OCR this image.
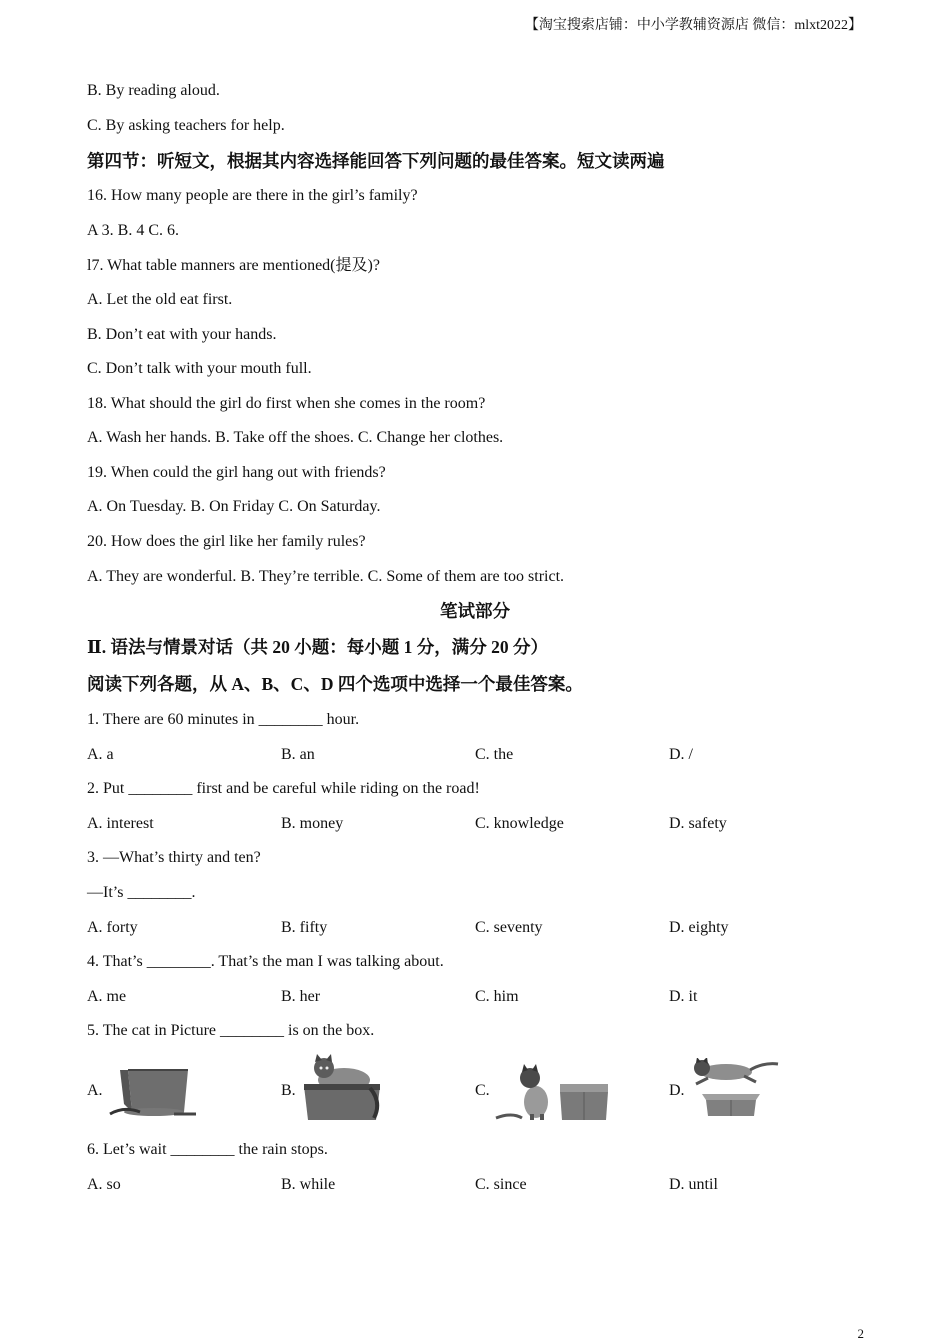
【淘宝搜索店铺：中小学教辅资源店 微信：mlxt2022】
B. By reading aloud.
C. By asking teachers for help.
第四节：听短文，根据其内容选择能回答下列问题的最佳答案。短文读两遍
16. How many people are there in the girl’s family?
A 3. B. 4 C. 6.
l7. What table manners are mentioned(提及)?
A. Let the old eat first.
B. Don’t eat with your hands.
C. Don’t talk with your mouth full.
18. What should the girl do first when she comes in the room?
A. Wash her hands. B. Take off the shoes. C. Change her clothes.
19. When could the girl hang out with friends?
A. On Tuesday. B. On Friday C. On Saturday.
20. How does the girl like her family rules?
A. They are wonderful. B. They’re terrible. C. Some of them are too strict.
笔试部分
Ⅱ. 语法与情景对话（共 20 小题：每小题 1 分，满分 20 分）
阅读下列各题，从 A、B、C、D 四个选项中选择一个最佳答案。
1. There are 60 minutes in ________ hour.
A. a	B. an	C. the	D. /
2. Put ________ first and be careful while riding on the road!
A. interest	B. money	C. knowledge	D. safety
3. —What’s thirty and ten?
—It’s ________.
A. forty	B. fifty	C. seventy	D. eighty
4. That’s ________. That’s the man I was talking about.
A. me	B. her	C. him	D. it
5. The cat in Picture ________ is on the box.
A.	B.	C.	D.
6. Let’s wait ________ the rain stops.
A. so	B. while	C. since	D. until
2
